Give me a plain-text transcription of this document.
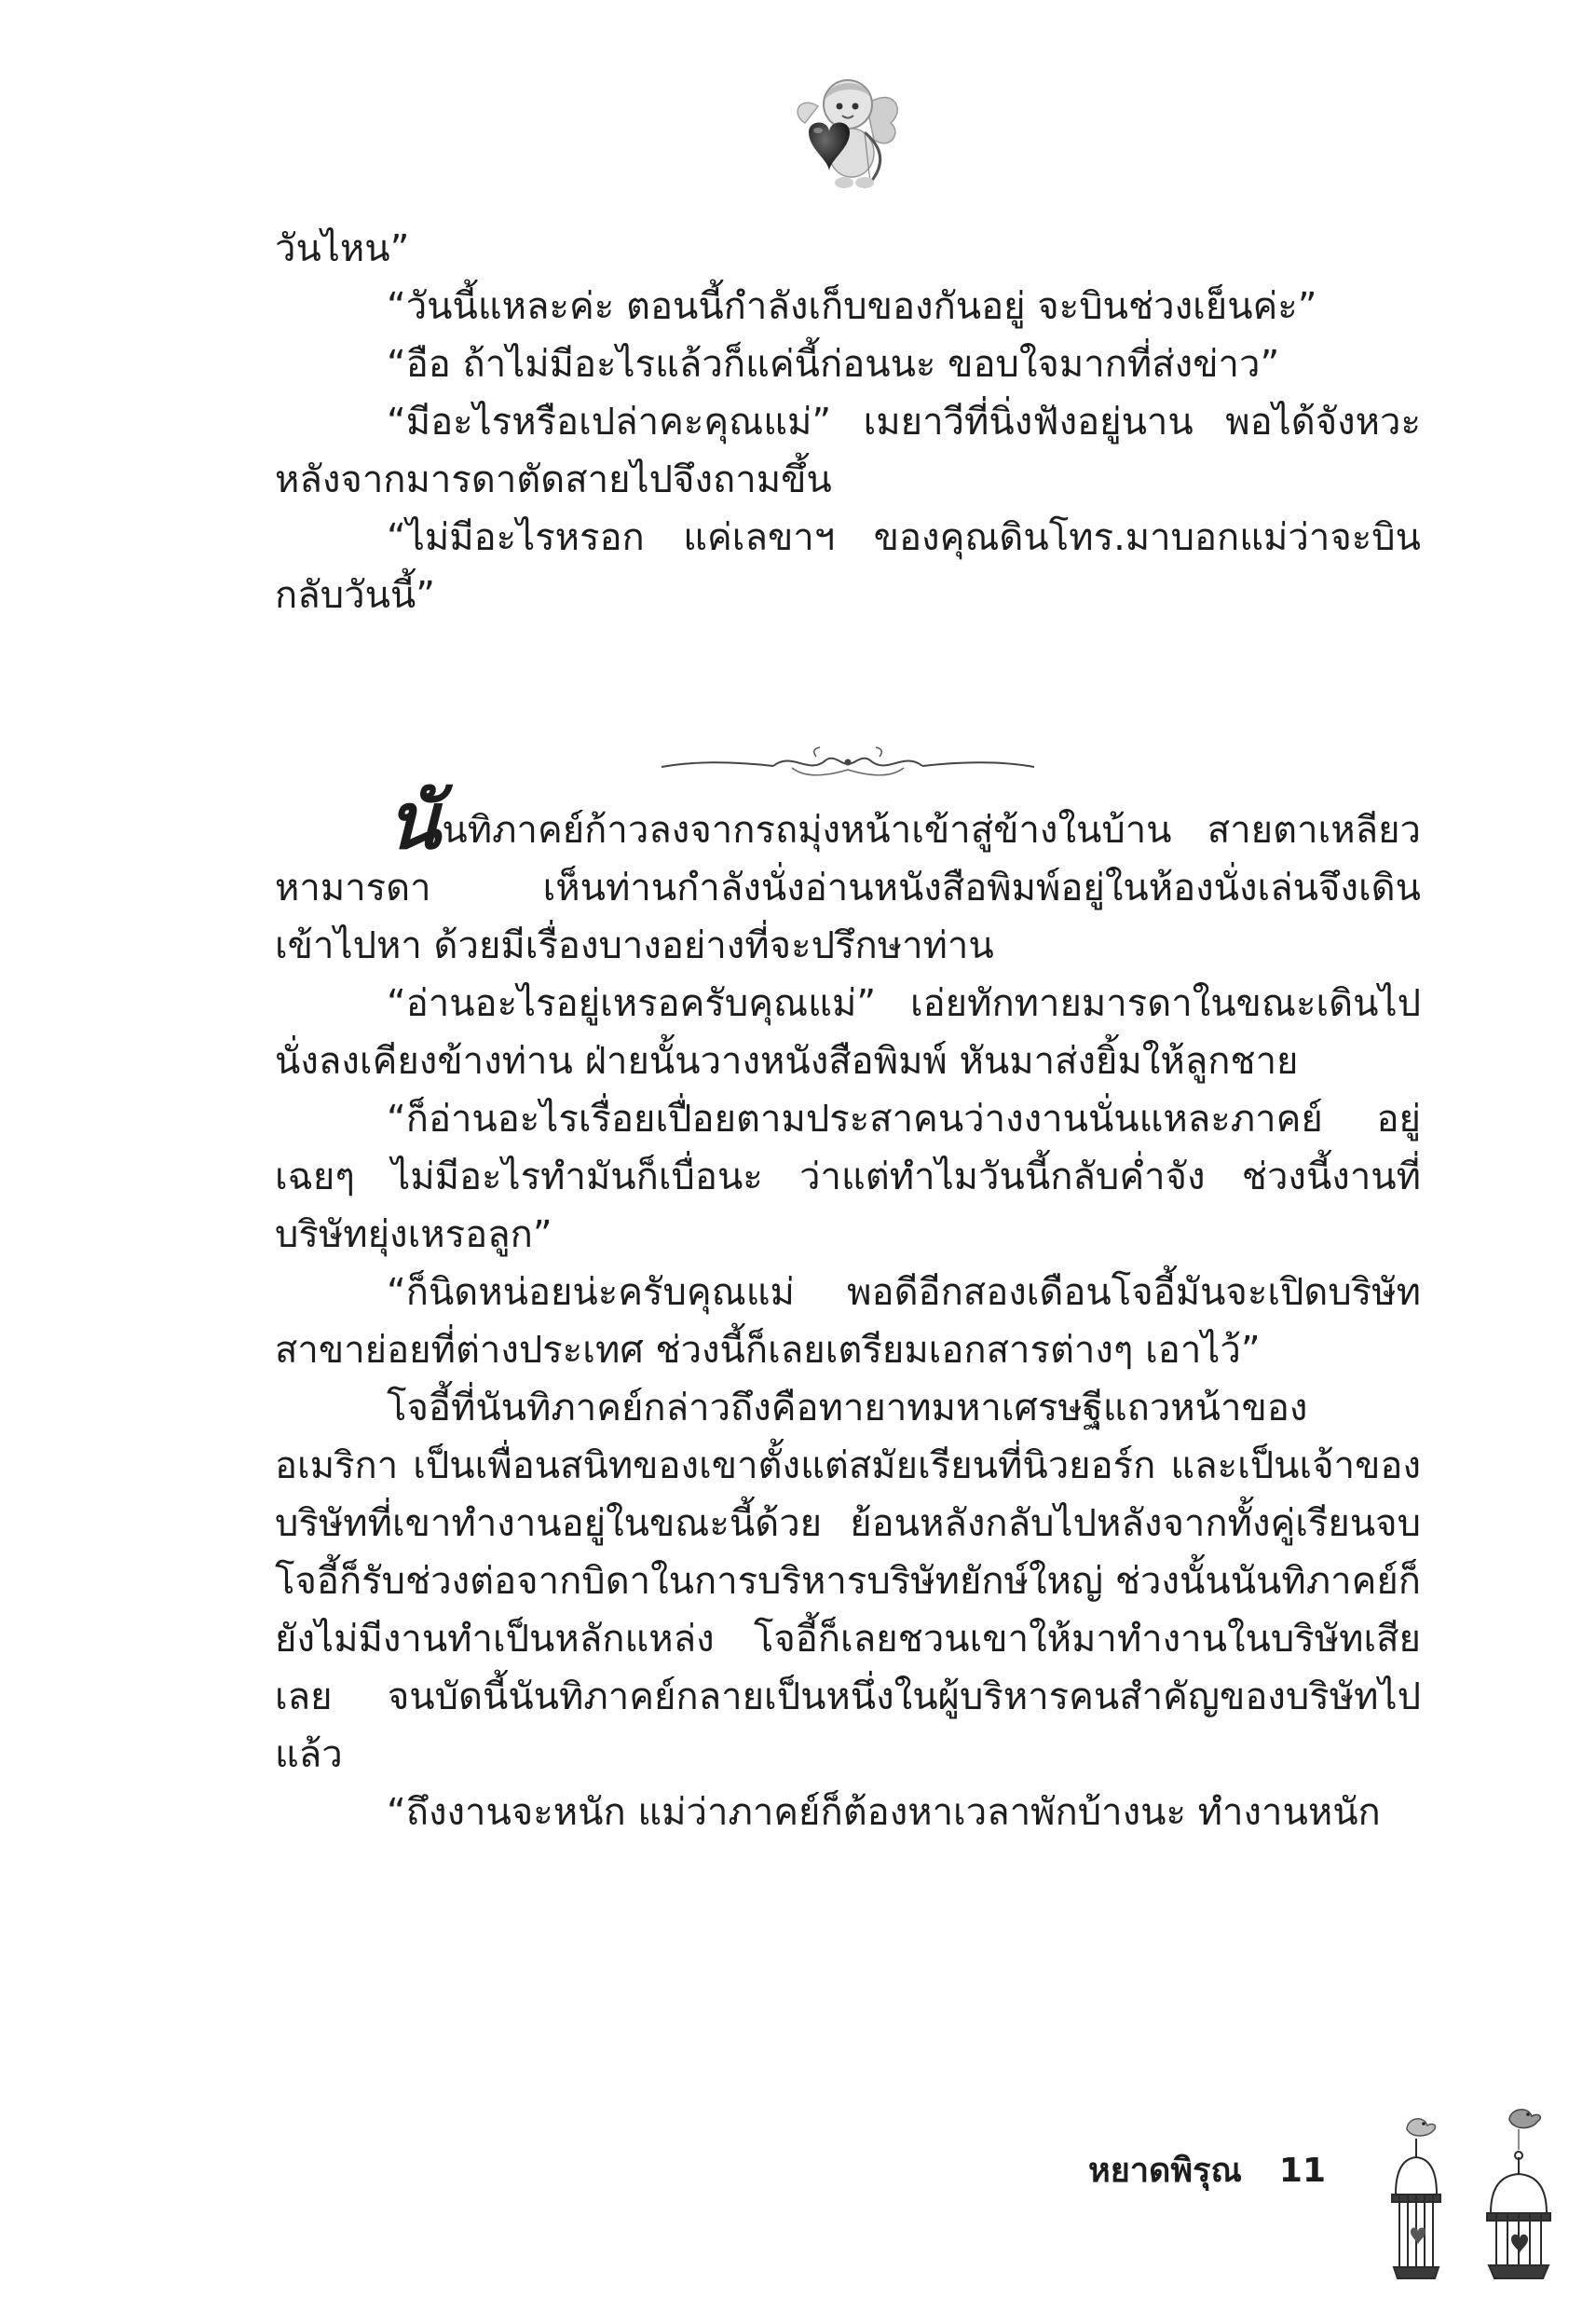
วันไหน”

“วันนี้แหละค่ะ ตอนนี้กำลังเก็บของกันอยู่ จะบินช่วงเย็นค่ะ”

“อือ ถ้าไม่มีอะไรแล้วก็แค่นี้ก่อนนะ ขอบใจมากที่ส่งข่าว”

“มีอะไรหรือเปล่าคะคุณแม่” เมยาวีที่นิ่งฟังอยู่นาน พอได้จังหวะหลังจากมารดาตัดสายไปจึงถามขึ้น

“ไม่มีอะไรหรอก แค่เลขาฯ ของคุณดินโทร.มาบอกแม่ว่าจะบินกลับวันนี้”

นันทิภาคย์ก้าวลงจากรถมุ่งหน้าเข้าสู่ข้างในบ้าน สายตาเหลียวหามารดา เห็นท่านกำลังนั่งอ่านหนังสือพิมพ์อยู่ในห้องนั่งเล่นจึงเดินเข้าไปหา ด้วยมีเรื่องบางอย่างที่จะปรึกษาท่าน

“อ่านอะไรอยู่เหรอครับคุณแม่” เอ่ยทักทายมารดาในขณะเดินไปนั่งลงเคียงข้างท่าน ฝ่ายนั้นวางหนังสือพิมพ์ หันมาส่งยิ้มให้ลูกชาย

“ก็อ่านอะไรเรื่อยเปื่อยตามประสาคนว่างงานนั่นแหละภาคย์ อยู่เฉยๆ ไม่มีอะไรทำมันก็เบื่อนะ ว่าแต่ทำไมวันนี้กลับค่ำจัง ช่วงนี้งานที่บริษัทยุ่งเหรอลูก”

“ก็นิดหน่อยน่ะครับคุณแม่ พอดีอีกสองเดือนโจอี้มันจะเปิดบริษัทสาขาย่อยที่ต่างประเทศ ช่วงนี้ก็เลยเตรียมเอกสารต่างๆ เอาไว้”

โจอี้ที่นันทิภาคย์กล่าวถึงคือทายาทมหาเศรษฐีแถวหน้าของอเมริกา เป็นเพื่อนสนิทของเขาตั้งแต่สมัยเรียนที่นิวยอร์ก และเป็นเจ้าของบริษัทที่เขาทำงานอยู่ในขณะนี้ด้วย ย้อนหลังกลับไปหลังจากทั้งคู่เรียนจบ โจอี้ก็รับช่วงต่อจากบิดาในการบริหารบริษัทยักษ์ใหญ่ ช่วงนั้นนันทิภาคย์ก็ยังไม่มีงานทำเป็นหลักแหล่ง โจอี้ก็เลยชวนเขาให้มาทำงานในบริษัทเสียเลย จนบัดนี้นันทิภาคย์กลายเป็นหนึ่งในผู้บริหารคนสำคัญของบริษัทไปแล้ว

“ถึงงานจะหนัก แม่ว่าภาคย์ก็ต้องหาเวลาพักบ้างนะ ทำงานหนัก

หยาดพิรุณ 11
